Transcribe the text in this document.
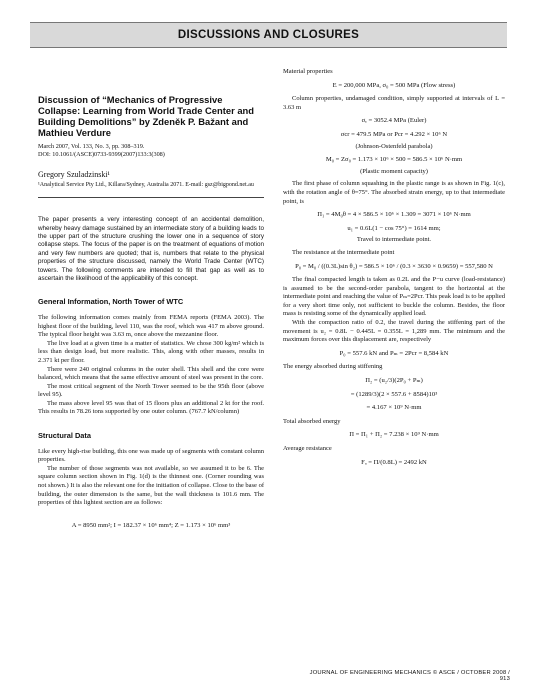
DISCUSSIONS AND CLOSURES
Discussion of “Mechanics of Progressive Collapse: Learning from World Trade Center and Building Demolitions” by Zdeněk P. Bažant and Mathieu Verdure
March 2007, Vol. 133, No. 3, pp. 308–319.
DOI: 10.1061/(ASCE)0733-9399(2007)133:3(308)
Gregory Szuladzinski¹
¹Analytical Service Pty Ltd., Killara/Sydney, Australia 2071. E-mail: gsz@bigpond.net.au
The paper presents a very interesting concept of an accidental demolition, whereby heavy damage sustained by an intermediate story of a building leads to the upper part of the structure crushing the lower one in a sequence of story collapse steps. The focus of the paper is on the treatment of equations of motion and very few numbers are quoted; that is, numbers that relate to the physical properties of the structure discussed, namely the World Trade Center (WTC) towers. The following comments are intended to fill that gap as well as to ascertain the likelihood of the applicability of this concept.
General Information, North Tower of WTC

The following information comes mainly from FEMA reports (FEMA 2003). The highest floor of the building, level 110, was the roof, which was 417 m above ground. The typical floor height was 3.63 m, once above the mezzanine floor.

The live load at a given time is a matter of statistics. We chose 300 kg/m² which is less than design load, but more realistic. This, along with other masses, results in 2.371 kt per floor.

There were 240 original columns in the outer shell. This shell and the core were balanced, which means that the same effective amount of steel was present in the core.

The most critical segment of the North Tower seemed to be the 95th floor (above level 95).

The mass above level 95 was that of 15 floors plus an additional 2 kt for the roof. This results in 78.26 tons supported by one outer column. (767.7 kN/column)

Structural Data

Like every high-rise building, this one was made up of segments with constant column properties.

The number of those segments was not available, so we assumed it to be 6. The square column section shown in Fig. 1(d) is the thinnest one. (Corner rounding was not shown.) It is also the relevant one for the initiation of collapse. Close to the base of building, the outer dimension is the same, but the wall thickness is 101.6 mm. The properties of this lightest section are as follows:

A = 8950 mm²; I = 182.37 × 10⁶ mm⁴; Z = 1.173 × 10⁶ mm³

Material properties

E = 200,000 MPa, σ₀ = 500 MPa (Flow stress)

Column properties, undamaged condition, simply supported at intervals of L = 3.63 m

σₑ = 3052.4 MPa (Euler)
σcr = 479.5 MPa or Pcr = 4.292 × 10⁶ N
(Johnson-Ostenfeld parabola)
M₀ = Zσ₀ = 1.173 × 10⁶ × 500 = 586.5 × 10⁶ N·mm
(Plastic moment capacity)

The first phase of column squashing in the plastic range is as shown in Fig. 1(c), with the rotation angle of θ=75°. The absorbed strain energy, up to that intermediate point, is

Π₁ = 4M₀θ = 4 × 586.5 × 10⁶ × 1.309 = 3071 × 10⁶ N·mm
u₁ = 0.6L(1 − cos 75°) = 1614 mm;
Travel to intermediate point.

The resistance at the intermediate point

P₀ = M₀ / ((0.3L)sin θ₂) = 586.5 × 10⁶ / (0.3 × 3630 × 0.9659) = 557,580 N

The final compacted length is taken as 0.2L and the P−u curve (load-resistance) is assumed to be the second-order parabola, tangent to the horizontal at the intermediate point and reaching the value of Pₘ=2Pcr. This peak load is to be applied for a very short time only, not sufficient to buckle the column. Besides, the floor mass is resisting some of the dynamically applied load.

With the compaction ratio of 0.2, the travel during the stiffening part of the movement is u₂ = 0.8L − 0.445L = 0.355L = 1,289 mm. The minimum and the maximum forces over this displacement are, respectively

P₀ = 557.6 kN and Pₘ = 2Pcr = 8,584 kN

The energy absorbed during stiffening

Π₂ = (u₂/3)(2P₀ + Pₘ)
= (1289/3)(2 × 557.6 + 8584)10³
= 4.167 × 10⁹ N·mm

Total absorbed energy

Π = Π₁ + Π₂ = 7.238 × 10⁹ N·mm

Average resistance

Fₐ = Π/(0.8L) = 2492 kN
JOURNAL OF ENGINEERING MECHANICS © ASCE / OCTOBER 2008 / 913
